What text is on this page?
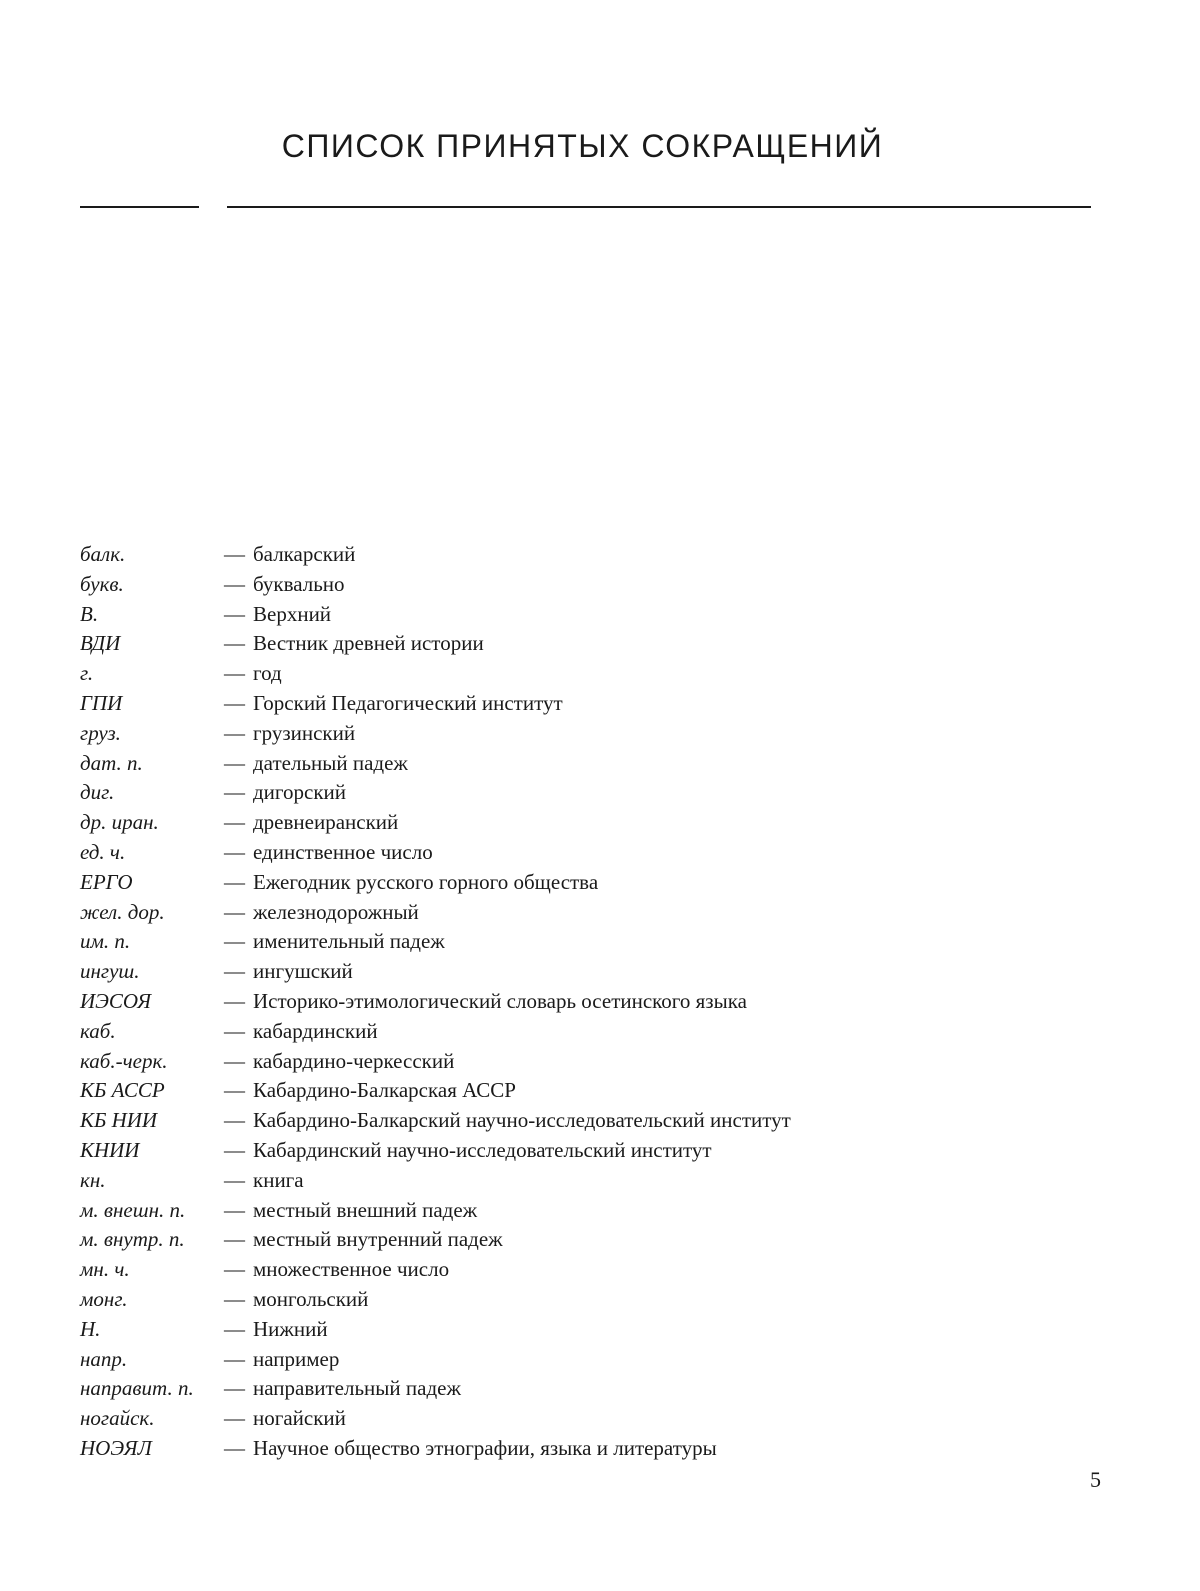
СПИСОК ПРИНЯТЫХ СОКРАЩЕНИЙ
балк.	— балкарский
букв.	— буквально
В.	— Верхний
ВДИ	— Вестник древней истории
г.	— год
ГПИ	— Горский Педагогический институт
груз.	— грузинский
дат. п.	— дательный падеж
диг.	— дигорский
др. иран.	— древнеиранский
ед. ч.	— единственное число
ЕРГО	— Ежегодник русского горного общества
жел. дор.	— железнодорожный
им. п.	— именительный падеж
ингуш.	— ингушский
ИЭСОЯ	— Историко-этимологический словарь осетинского языка
каб.	— кабардинский
каб.-черк.	— кабардино-черкесский
КБ АССР	— Кабардино-Балкарская АССР
КБ НИИ	— Кабардино-Балкарский научно-исследовательский институт
КНИИ	— Кабардинский научно-исследовательский институт
кн.	— книга
м. внешн. п. — местный внешний падеж
м. внутр. п. — местный внутренний падеж
мн. ч.	— множественное число
монг.	— монгольский
Н.	— Нижний
напр.	— например
направит. п. — направительный падеж
ногайск.	— ногайский
НОЭЯЛ	— Научное общество этнографии, языка и литературы
5
